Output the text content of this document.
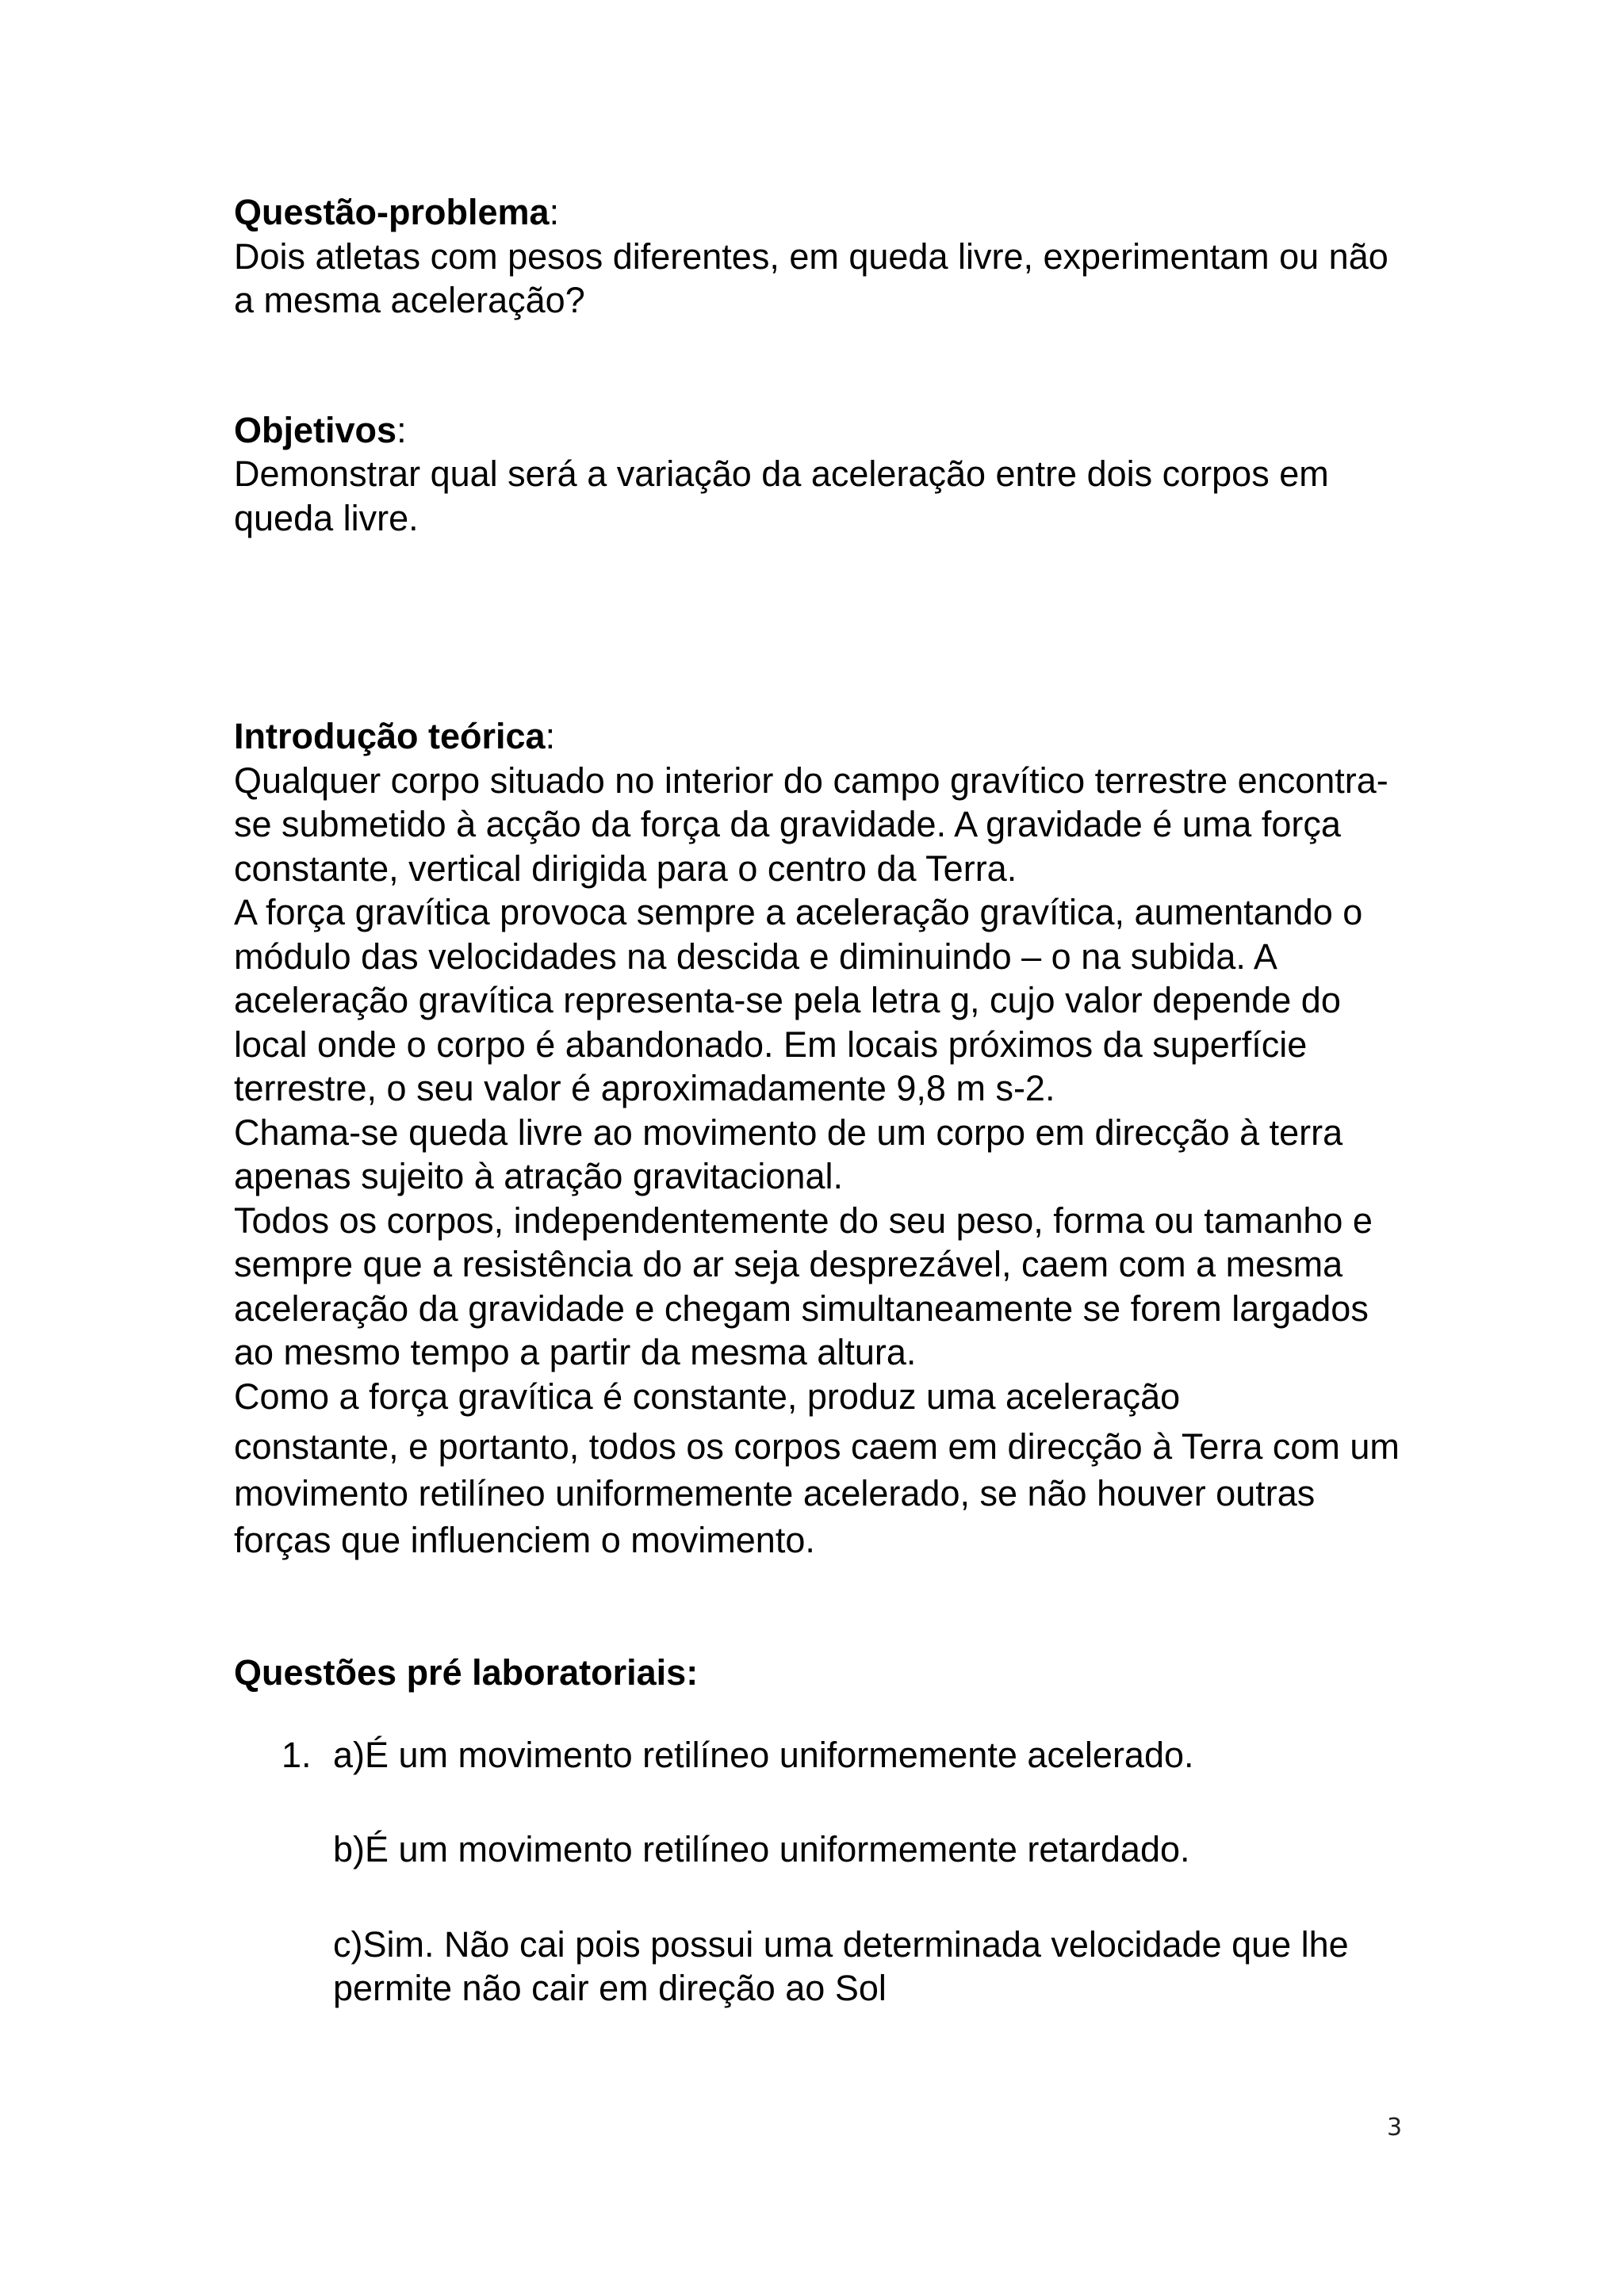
Questão-problema:

Dois atletas com pesos diferentes, em queda livre, experimentam ou não a mesma aceleração?

Objetivos:

Demonstrar qual será a variação da aceleração entre dois corpos em queda livre.

Introdução teórica:

Qualquer corpo situado no interior do campo gravítico terrestre encontra-se submetido à acção da força da gravidade. A gravidade é uma força constante, vertical dirigida para o centro da Terra.

A força gravítica provoca sempre a aceleração gravítica, aumentando o módulo das velocidades na descida e diminuindo – o na subida. A aceleração gravítica representa-se pela letra g, cujo valor depende do local onde o corpo é abandonado. Em locais próximos da superfície terrestre, o seu valor é aproximadamente 9,8 m s-2.

Chama-se queda livre ao movimento de um corpo em direcção à terra apenas sujeito à atração gravitacional.

Todos os corpos, independentemente do seu peso, forma ou tamanho e sempre que a resistência do ar seja desprezável, caem com a mesma aceleração da gravidade e chegam simultaneamente se forem largados ao mesmo tempo a partir da mesma altura.

Como a força gravítica é constante, produz uma aceleração

constante, e portanto, todos os corpos caem em direcção à Terra com um movimento retilíneo uniformemente acelerado, se não houver outras forças que influenciem o movimento.

Questões pré laboratoriais:
1. a)É um movimento retilíneo uniformemente acelerado.

b)É um movimento retilíneo uniformemente retardado.

c)Sim. Não cai pois possui uma determinada velocidade que lhe permite não cair em direção ao Sol

3
